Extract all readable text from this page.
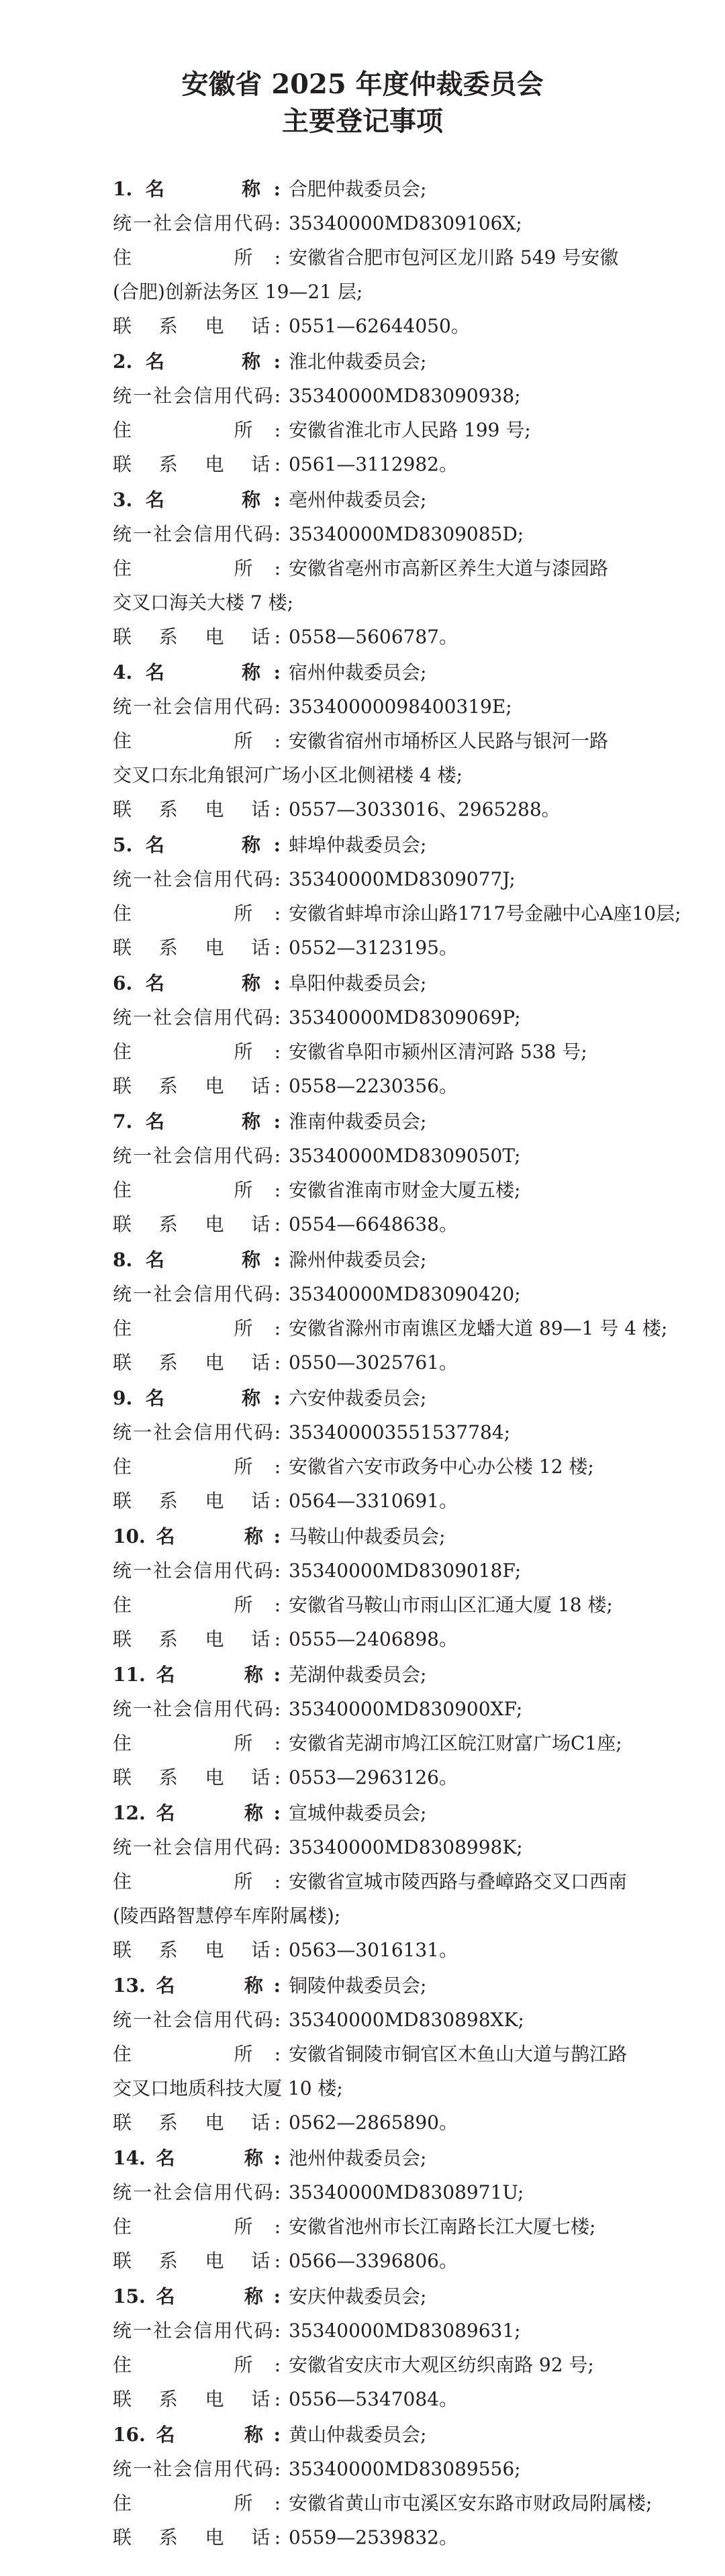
安徽省 2025 年度仲裁委员会
主要登记事项
1.名　　称: 合肥仲裁委员会;
统一社会信用代码: 35340000MD8309106X;
住　　所: 安徽省合肥市包河区龙川路 549 号安徽
(合肥)创新法务区 19—21 层;
联　系　电　话: 0551—62644050。
2.名　　称: 淮北仲裁委员会;
统一社会信用代码: 35340000MD83090938;
住　　所: 安徽省淮北市人民路 199 号;
联　系　电　话: 0561—3112982。
3.名　　称: 亳州仲裁委员会;
统一社会信用代码: 35340000MD8309085D;
住　　所: 安徽省亳州市高新区养生大道与漆园路
交叉口海关大楼 7 楼;
联　系　电　话: 0558—5606787。
4.名　　称: 宿州仲裁委员会;
统一社会信用代码: 35340000098400319E;
住　　所: 安徽省宿州市埇桥区人民路与银河一路
交叉口东北角银河广场小区北侧裙楼 4 楼;
联　系　电　话: 0557—3033016、2965288。
5.名　　称: 蚌埠仲裁委员会;
统一社会信用代码: 35340000MD8309077J;
住　　所: 安徽省蚌埠市涂山路1717号金融中心A座10层;
联　系　电　话: 0552—3123195。
6.名　　称: 阜阳仲裁委员会;
统一社会信用代码: 35340000MD8309069P;
住　　所: 安徽省阜阳市颍州区清河路 538 号;
联　系　电　话: 0558—2230356。
7.名　　称: 淮南仲裁委员会;
统一社会信用代码: 35340000MD8309050T;
住　　所: 安徽省淮南市财金大厦五楼;
联　系　电　话: 0554—6648638。
8.名　　称: 滁州仲裁委员会;
统一社会信用代码: 35340000MD83090420;
住　　所: 安徽省滁州市南谯区龙蟠大道 89—1 号 4 楼;
联　系　电　话: 0550—3025761。
9.名　　称: 六安仲裁委员会;
统一社会信用代码: 353400003551537784;
住　　所: 安徽省六安市政务中心办公楼 12 楼;
联　系　电　话: 0564—3310691。
10.名　　称: 马鞍山仲裁委员会;
统一社会信用代码: 35340000MD8309018F;
住　　所: 安徽省马鞍山市雨山区汇通大厦 18 楼;
联　系　电　话: 0555—2406898。
11.名　　称: 芜湖仲裁委员会;
统一社会信用代码: 35340000MD830900XF;
住　　所: 安徽省芜湖市鸠江区皖江财富广场C1座;
联　系　电　话: 0553—2963126。
12.名　　称: 宣城仲裁委员会;
统一社会信用代码: 35340000MD8308998K;
住　　所: 安徽省宣城市陵西路与叠嶂路交叉口西南
(陵西路智慧停车库附属楼);
联　系　电　话: 0563—3016131。
13.名　　称: 铜陵仲裁委员会;
统一社会信用代码: 35340000MD830898XK;
住　　所: 安徽省铜陵市铜官区木鱼山大道与鹊江路
交叉口地质科技大厦 10 楼;
联　系　电　话: 0562—2865890。
14.名　　称: 池州仲裁委员会;
统一社会信用代码: 35340000MD8308971U;
住　　所: 安徽省池州市长江南路长江大厦七楼;
联　系　电　话: 0566—3396806。
15.名　　称: 安庆仲裁委员会;
统一社会信用代码: 35340000MD83089631;
住　　所: 安徽省安庆市大观区纺织南路 92 号;
联　系　电　话: 0556—5347084。
16.名　　称: 黄山仲裁委员会;
统一社会信用代码: 35340000MD83089556;
住　　所: 安徽省黄山市屯溪区安东路市财政局附属楼;
联　系　电　话: 0559—2539832。
